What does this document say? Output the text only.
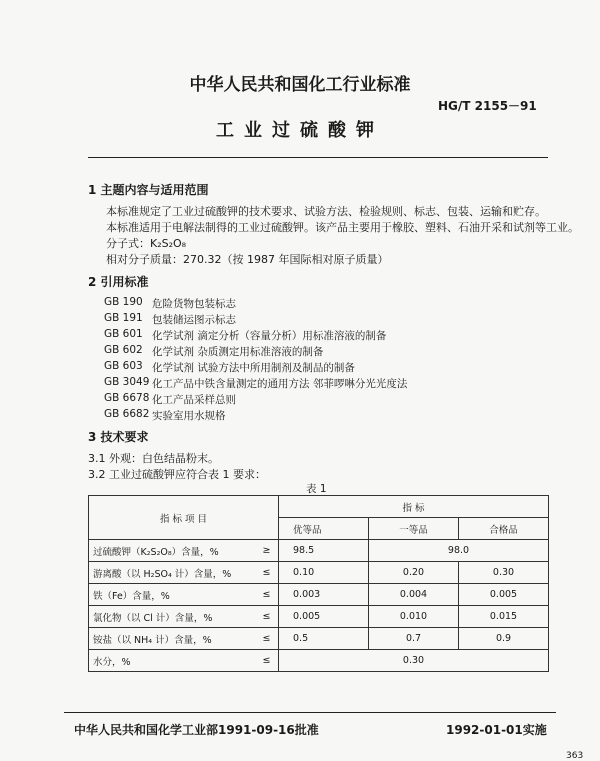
中华人民共和国化工行业标准
HG/T 2155－91
工业过硫酸钾
1 主题内容与适用范围
本标准规定了工业过硫酸钾的技术要求、试验方法、检验规则、标志、包装、运输和贮存。
本标准适用于电解法制得的工业过硫酸钾。该产品主要用于橡胶、塑料、石油开采和试剂等工业。
分子式：K₂S₂O₈
相对分子质量：270.32（按 1987 年国际相对原子质量）
2 引用标准
GB 190 危险货物包装标志
GB 191 包装储运图示标志
GB 601 化学试剂 滴定分析（容量分析）用标准溶液的制备
GB 602 化学试剂 杂质测定用标准溶液的制备
GB 603 化学试剂 试验方法中所用制剂及制品的制备
GB 3049 化工产品中铁含量测定的通用方法 邻菲啰啉分光光度法
GB 6678 化工产品采样总则
GB 6682 实验室用水规格
3 技术要求
3.1 外观：白色结晶粉末。
3.2 工业过硫酸钾应符合表 1 要求：
表 1
指 标 项 目		指 标		
		优等品	一等品	合格品
过硫酸钾（K₂S₂O₈）含量，%	≥	98.5	98.0	
游离酸（以 H₂SO₄ 计）含量，%	≤	0.10	0.20	0.30
铁（Fe）含量，%	≤	0.003	0.004	0.005
氯化物（以 Cl 计）含量，%	≤	0.005	0.010	0.015
铵盐（以 NH₄ 计）含量，%	≤	0.5	0.7	0.9
水分，%	≤	0.30		
中华人民共和国化学工业部1991-09-16批准	1992-01-01实施
363
